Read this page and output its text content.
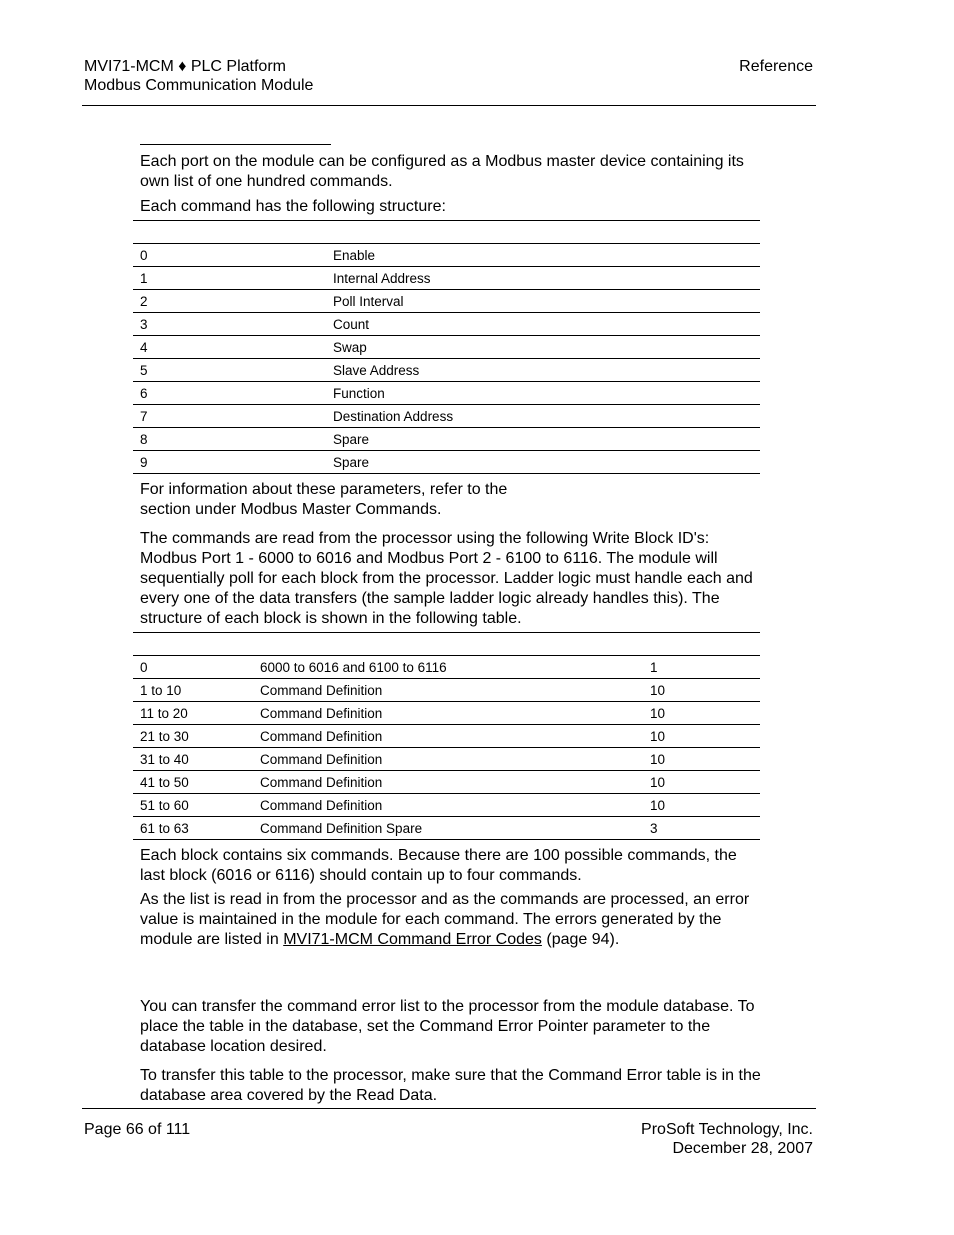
MVI71-MCM ♦ PLC Platform
Modbus Communication Module
Reference
Each port on the module can be configured as a Modbus master device containing its own list of one hundred commands.
Each command has the following structure:
0	Enable
1	Internal Address
2	Poll Interval
3	Count
4	Swap
5	Slave Address
6	Function
7	Destination Address
8	Spare
9	Spare
For information about these parameters, refer to the
section under Modbus Master Commands.
The commands are read from the processor using the following Write Block ID's: Modbus Port 1 - 6000 to 6016 and Modbus Port 2 - 6100 to 6116. The module will sequentially poll for each block from the processor. Ladder logic must handle each and every one of the data transfers (the sample ladder logic already handles this). The structure of each block is shown in the following table.
0	6000 to 6016 and 6100 to 6116	1
1 to 10	Command Definition	10
11 to 20	Command Definition	10
21 to 30	Command Definition	10
31 to 40	Command Definition	10
41 to 50	Command Definition	10
51 to 60	Command Definition	10
61 to 63	Command Definition Spare	3
Each block contains six commands. Because there are 100 possible commands, the last block (6016 or 6116) should contain up to four commands.
As the list is read in from the processor and as the commands are processed, an error value is maintained in the module for each command. The errors generated by the module are listed in MVI71-MCM Command Error Codes (page 94).
You can transfer the command error list to the processor from the module database. To place the table in the database, set the Command Error Pointer parameter to the database location desired.
To transfer this table to the processor, make sure that the Command Error table is in the database area covered by the Read Data.
Page 66 of 111	ProSoft Technology, Inc.
December 28, 2007
